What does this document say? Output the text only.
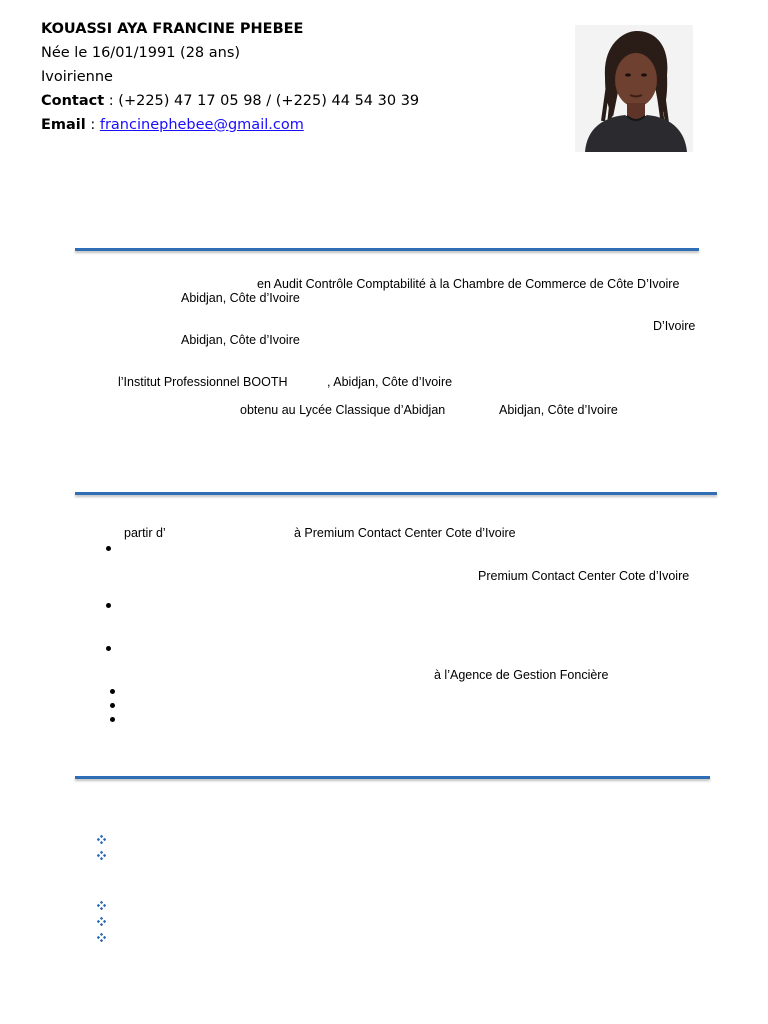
KOUASSI AYA FRANCINE PHEBEE
Née le 16/01/1991 (28 ans)
Ivoirienne
Contact : (+225) 47 17 05 98 / (+225) 44 54 30 39
Email : francinephebee@gmail.com
en Audit Contrôle Comptabilité à la Chambre de Commerce de Côte D’Ivoire
Abidjan, Côte d’Ivoire
D’Ivoire
Abidjan, Côte d’Ivoire
l’Institut Professionnel BOOTH	, Abidjan, Côte d’Ivoire
obtenu au Lycée Classique d’Abidjan	Abidjan, Côte d’Ivoire
partir d’	à Premium Contact Center Cote d’Ivoire
Premium Contact Center Cote d’Ivoire
à l’Agence de Gestion Foncière
